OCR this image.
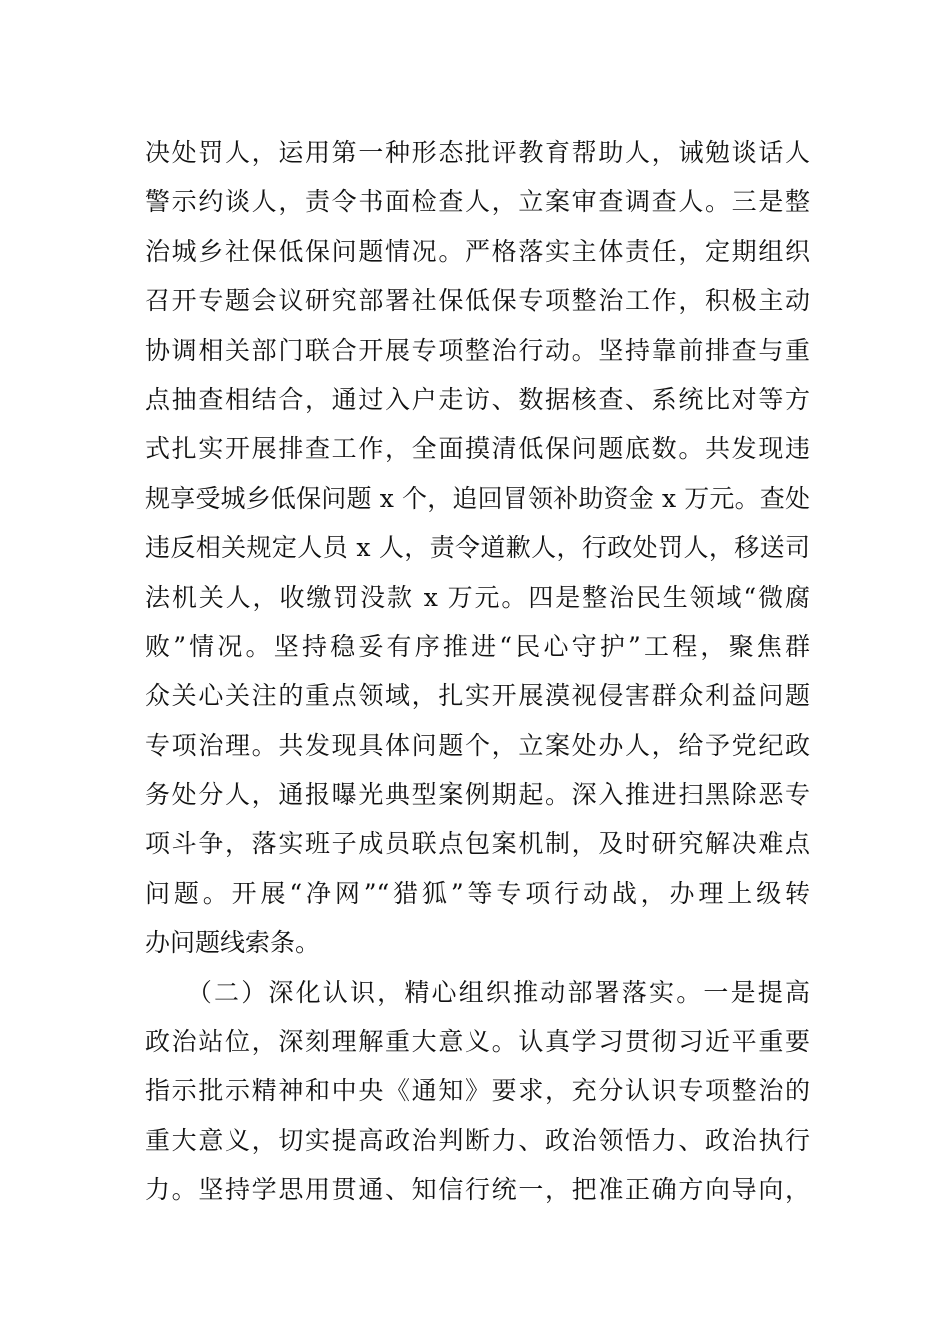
决处罚人，运用第一种形态批评教育帮助人，诫勉谈话人
警示约谈人，责令书面检查人，立案审查调查人。三是整
治城乡社保低保问题情况。严格落实主体责任，定期组织
召开专题会议研究部署社保低保专项整治工作，积极主动
协调相关部门联合开展专项整治行动。坚持靠前排查与重
点抽查相结合，通过入户走访、数据核查、系统比对等方
式扎实开展排查工作，全面摸清低保问题底数。共发现违
规享受城乡低保问题 x 个，追回冒领补助资金 x 万元。查处
违反相关规定人员 x 人，责令道歉人，行政处罚人，移送司
法机关人，收缴罚没款 x 万元。四是整治民生领域“微腐
败”情况。坚持稳妥有序推进“民心守护”工程，聚焦群
众关心关注的重点领域，扎实开展漠视侵害群众利益问题
专项治理。共发现具体问题个，立案处办人，给予党纪政
务处分人，通报曝光典型案例期起。深入推进扫黑除恶专
项斗争，落实班子成员联点包案机制，及时研究解决难点
问题。开展“净网”“猎狐”等专项行动战，办理上级转
办问题线索条。
　　（二）深化认识，精心组织推动部署落实。一是提高
政治站位，深刻理解重大意义。认真学习贯彻习近平重要
指示批示精神和中央《通知》要求，充分认识专项整治的
重大意义，切实提高政治判断力、政治领悟力、政治执行
力。坚持学思用贯通、知信行统一，把准正确方向导向，
